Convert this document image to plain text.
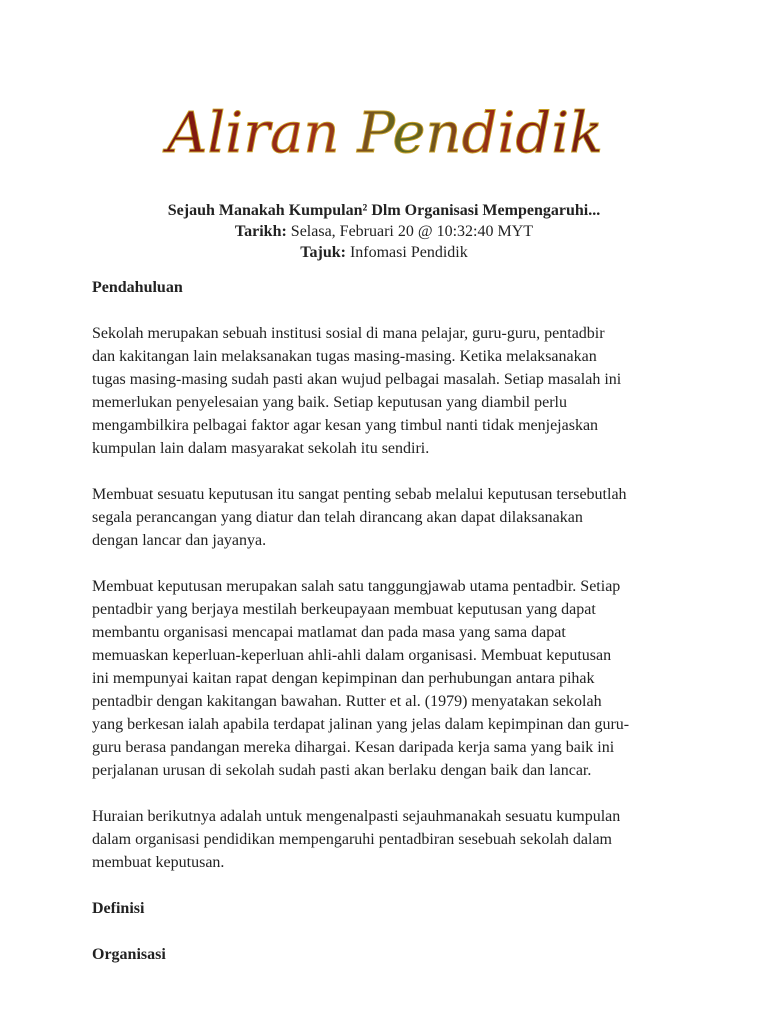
Aliran Pendidik
Sejauh Manakah Kumpulan² Dlm Organisasi Mempengaruhi...
Tarikh: Selasa, Februari 20 @ 10:32:40 MYT
Tajuk: Infomasi Pendidik
Pendahuluan

Sekolah merupakan sebuah institusi sosial di mana pelajar, guru-guru, pentadbir
dan kakitangan lain melaksanakan tugas masing-masing. Ketika melaksanakan
tugas masing-masing sudah pasti akan wujud pelbagai masalah. Setiap masalah ini
memerlukan penyelesaian yang baik. Setiap keputusan yang diambil perlu
mengambilkira pelbagai faktor agar kesan yang timbul nanti tidak menjejaskan
kumpulan lain dalam masyarakat sekolah itu sendiri.

Membuat sesuatu keputusan itu sangat penting sebab melalui keputusan tersebutlah
segala perancangan yang diatur dan telah dirancang akan dapat dilaksanakan
dengan lancar dan jayanya.

Membuat keputusan merupakan salah satu tanggungjawab utama pentadbir. Setiap
pentadbir yang berjaya mestilah berkeupayaan membuat keputusan yang dapat
membantu organisasi mencapai matlamat dan pada masa yang sama dapat
memuaskan keperluan-keperluan ahli-ahli dalam organisasi. Membuat keputusan
ini mempunyai kaitan rapat dengan kepimpinan dan perhubungan antara pihak
pentadbir dengan kakitangan bawahan. Rutter et al. (1979) menyatakan sekolah
yang berkesan ialah apabila terdapat jalinan yang jelas dalam kepimpinan dan guru-
guru berasa pandangan mereka dihargai. Kesan daripada kerja sama yang baik ini
perjalanan urusan di sekolah sudah pasti akan berlaku dengan baik dan lancar.

Huraian berikutnya adalah untuk mengenalpasti sejauhmanakah sesuatu kumpulan
dalam organisasi pendidikan mempengaruhi pentadbiran sesebuah sekolah dalam
membuat keputusan.

Definisi
Organisasi
